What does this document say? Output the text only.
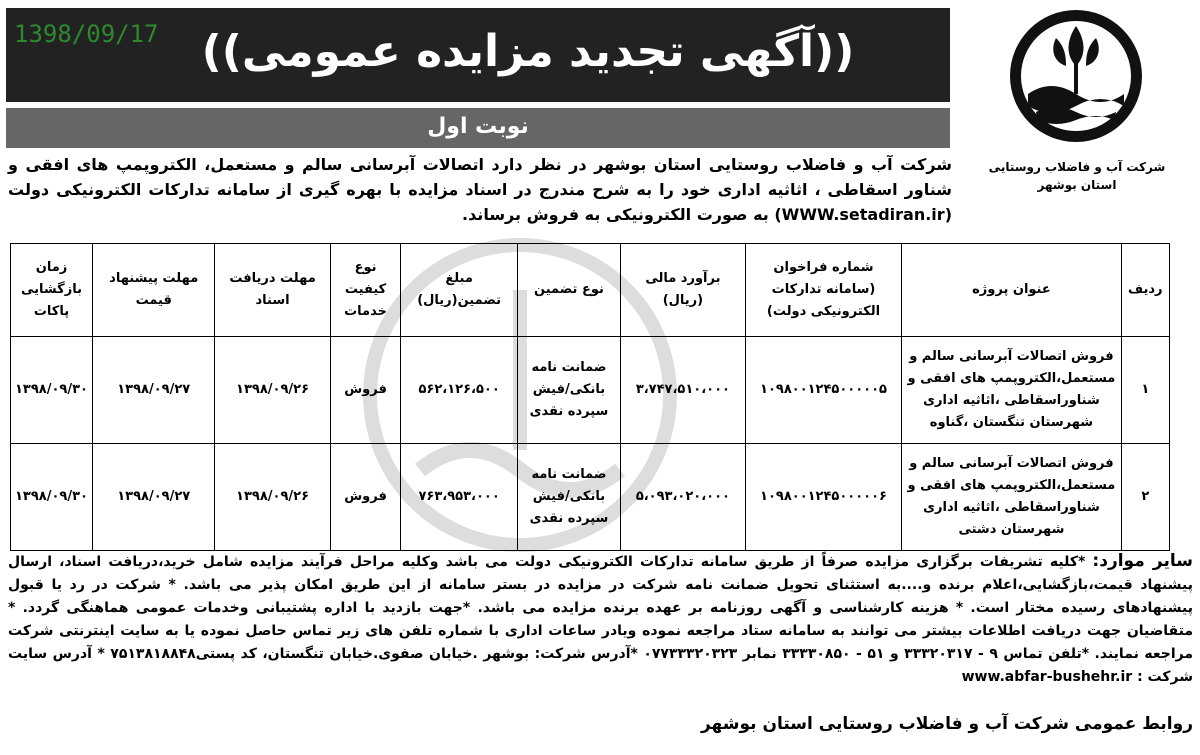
1398/09/17 ((آگهی تجدید مزایده عمومی))
نوبت اول
شرکت آب و فاضلاب روستایی
استان بوشهر
شرکت آب و فاضلاب روستایی استان بوشهر در نظر دارد اتصالات آبرسانی سالم و مستعمل، الکتروپمپ های افقی و شناور اسقاطی ، اثاثیه اداری خود را به شرح مندرج در اسناد مزایده با بهره گیری از سامانه تدارکات الکترونیکی دولت (WWW.setadiran.ir) به صورت الکترونیکی به فروش برساند.
ردیف	عنوان پروژه	شماره فراخوان (سامانه تدارکات الکترونیکی دولت)	برآورد مالی (ریال)	نوع تضمین	مبلغ تضمین(ریال)	نوع کیفیت خدمات	مهلت دریافت اسناد	مهلت پیشنهاد قیمت	زمان بازگشایی پاکات
۱	فروش اتصالات آبرسانی سالم و مستعمل،الکتروپمپ های افقی و شناوراسقاطی ،اثاثیه اداری شهرستان تنگستان ،گناوه	۱۰۹۸۰۰۱۲۴۵۰۰۰۰۰۵	۳،۷۴۷،۵۱۰،۰۰۰	ضمانت نامه بانکی/فیش سپرده نقدی	۵۶۲،۱۲۶،۵۰۰	فروش	۱۳۹۸/۰۹/۲۶	۱۳۹۸/۰۹/۲۷	۱۳۹۸/۰۹/۳۰
۲	فروش اتصالات آبرسانی سالم و مستعمل،الکتروپمپ های افقی و شناوراسقاطی ،اثاثیه اداری شهرستان دشتی	۱۰۹۸۰۰۱۲۴۵۰۰۰۰۰۶	۵،۰۹۳،۰۲۰،۰۰۰	ضمانت نامه بانکی/فیش سپرده نقدی	۷۶۳،۹۵۳،۰۰۰	فروش	۱۳۹۸/۰۹/۲۶	۱۳۹۸/۰۹/۲۷	۱۳۹۸/۰۹/۳۰
سایر موارد: *کلیه تشریفات برگزاری مزایده صرفاً از طریق سامانه تدارکات الکترونیکی دولت می باشد وکلیه مراحل فرآیند مزایده شامل خرید،دریافت اسناد، ارسال پیشنهاد قیمت،بازگشایی،اعلام برنده و....به استثنای تحویل ضمانت نامه شرکت در مزایده در بستر سامانه از این طریق امکان پذیر می باشد. * شرکت در رد یا قبول پیشنهادهای رسیده مختار است. * هزینه کارشناسی و آگهی روزنامه بر عهده برنده مزایده می باشد. *جهت بازدید با اداره پشتیبانی وخدمات عمومی هماهنگی گردد. * متقاضیان جهت دریافت اطلاعات بیشتر می توانند به سامانه ستاد مراجعه نموده ویادر ساعات اداری با شماره تلفن های زیر تماس حاصل نموده یا به سایت اینترنتی شرکت مراجعه نمایند. *تلفن تماس ۹ - ۳۳۳۲۰۳۱۷ و ۵۱ - ۳۳۳۳۰۸۵۰ نمابر ۰۷۷۳۳۳۲۰۳۲۳ *آدرس شرکت: بوشهر .خیابان صفوی.خیابان تنگستان، کد پستی۷۵۱۳۸۱۸۸۴۸ * آدرس سایت شرکت : www.abfar-bushehr.ir
روابط عمومی شرکت آب و فاضلاب روستایی استان بوشهر
